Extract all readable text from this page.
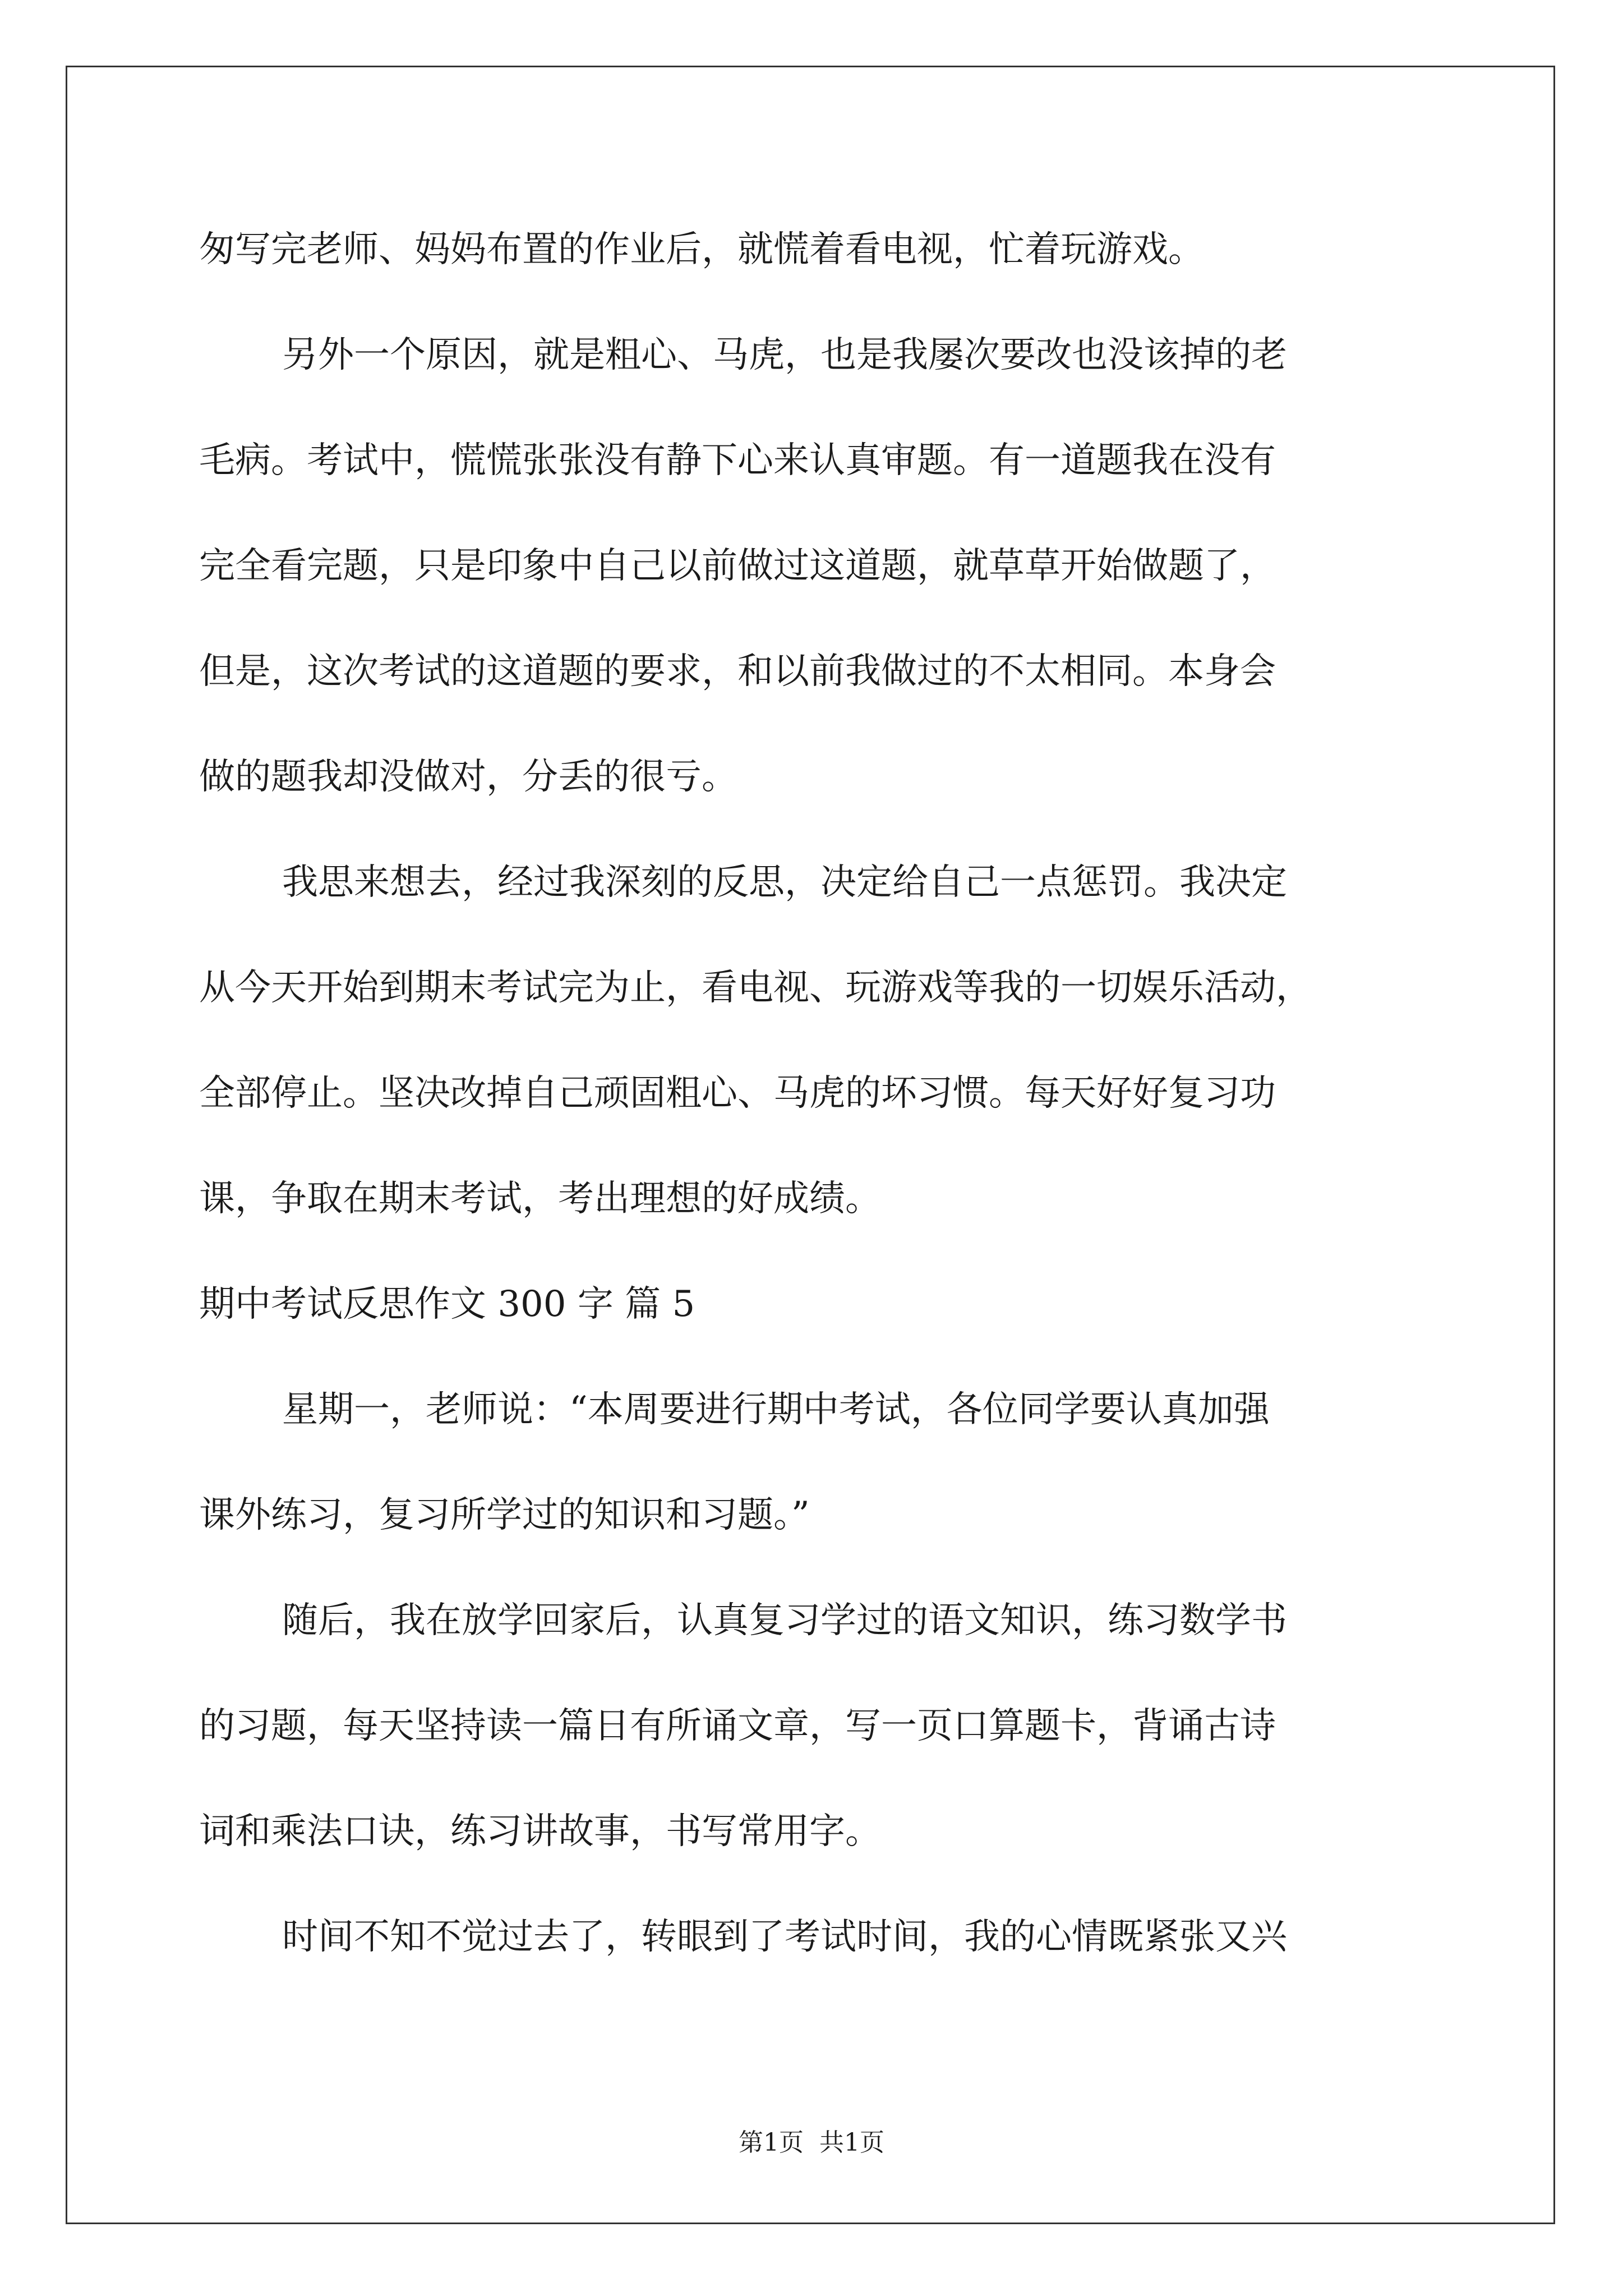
匆写完老师、妈妈布置的作业后，就慌着看电视，忙着玩游戏。
另外一个原因，就是粗心、马虎，也是我屡次要改也没该掉的老
毛病。考试中，慌慌张张没有静下心来认真审题。有一道题我在没有
完全看完题，只是印象中自己以前做过这道题，就草草开始做题了，
但是，这次考试的这道题的要求，和以前我做过的不太相同。本身会
做的题我却没做对，分丢的很亏。
我思来想去，经过我深刻的反思，决定给自己一点惩罚。我决定
从今天开始到期末考试完为止，看电视、玩游戏等我的一切娱乐活动，
全部停止。坚决改掉自己顽固粗心、马虎的坏习惯。每天好好复习功
课，争取在期末考试，考出理想的好成绩。
期中考试反思作文 300 字 篇 5
星期一，老师说：“本周要进行期中考试，各位同学要认真加强
课外练习，复习所学过的知识和习题。”
随后，我在放学回家后，认真复习学过的语文知识，练习数学书
的习题，每天坚持读一篇日有所诵文章，写一页口算题卡，背诵古诗
词和乘法口诀，练习讲故事，书写常用字。
时间不知不觉过去了，转眼到了考试时间，我的心情既紧张又兴
第1页 共1页
